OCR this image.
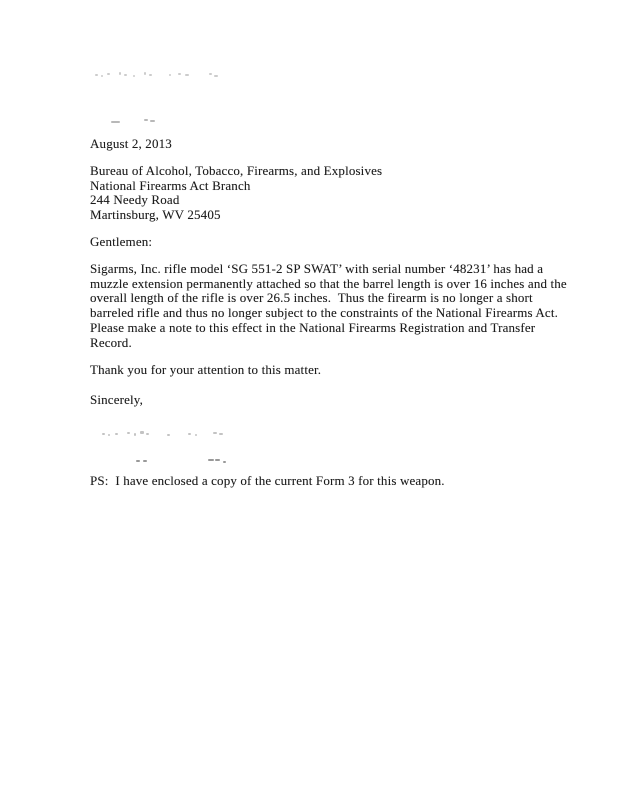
August 2, 2013
Bureau of Alcohol, Tobacco, Firearms, and Explosives
National Firearms Act Branch
244 Needy Road
Martinsburg, WV 25405
Gentlemen:
Sigarms, Inc. rifle model ‘SG 551-2 SP SWAT’ with serial number ‘48231’ has had a
muzzle extension permanently attached so that the barrel length is over 16 inches and the
overall length of the rifle is over 26.5 inches.  Thus the firearm is no longer a short
barreled rifle and thus no longer subject to the constraints of the National Firearms Act.
Please make a note to this effect in the National Firearms Registration and Transfer
Record.
Thank you for your attention to this matter.
Sincerely,
PS:  I have enclosed a copy of the current Form 3 for this weapon.
